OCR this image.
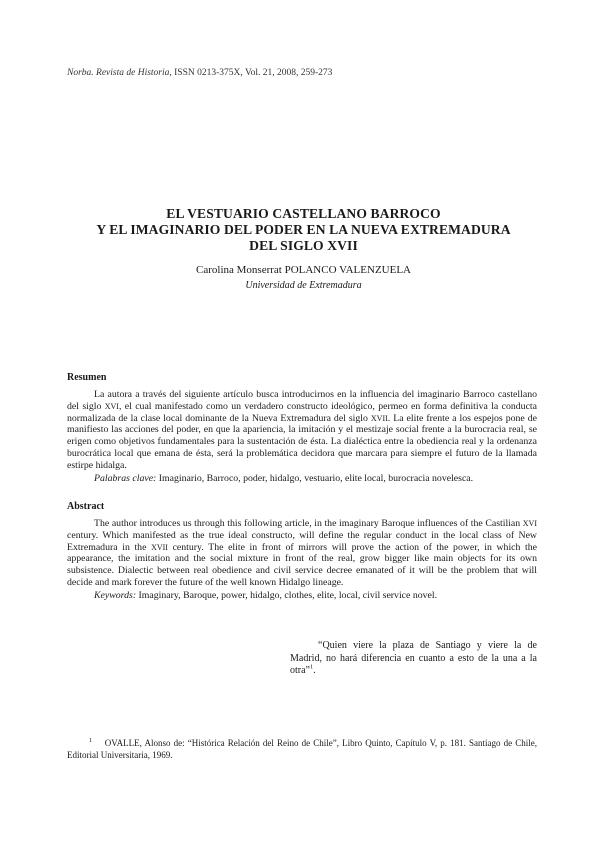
Norba. Revista de Historia, ISSN 0213-375X, Vol. 21, 2008, 259-273
EL VESTUARIO CASTELLANO BARROCO
Y EL IMAGINARIO DEL PODER EN LA NUEVA EXTREMADURA
DEL SIGLO XVII
Carolina Monserrat POLANCO VALENZUELA
Universidad de Extremadura
Resumen

La autora a través del siguiente artículo busca introducirnos en la influencia del imaginario Barroco castellano del siglo XVI, el cual manifestado como un verdadero constructo ideológico, permeo en forma definitiva la conducta normalizada de la clase local dominante de la Nueva Extremadura del siglo XVII. La elite frente a los espejos pone de manifiesto las acciones del poder, en que la apariencia, la imitación y el mestizaje social frente a la burocracia real, se erigen como objetivos fundamentales para la sustentación de ésta. La dialéctica entre la obediencia real y la ordenanza burocrática local que emana de ésta, será la problemática decidora que marcara para siempre el futuro de la llamada estirpe hidalga.

Palabras clave: Imaginario, Barroco, poder, hidalgo, vestuario, elite local, burocracia novelesca.

Abstract

The author introduces us through this following article, in the imaginary Baroque influences of the Castilian XVI century. Which manifested as the true ideal constructo, will define the regular conduct in the local class of New Extremadura in the XVII century. The elite in front of mirrors will prove the action of the power, in which the appearance, the imitation and the social mixture in front of the real, grow bigger like main objects for its own subsistence. Dialectic between real obedience and civil service decree emanated of it will be the problem that will decide and mark forever the future of the well known Hidalgo lineage.

Keywords: Imaginary, Baroque, power, hidalgo, clothes, elite, local, civil service novel.

“Quien viere la plaza de Santiago y viere la de Madrid, no hará diferencia en cuanto a esto de la una a la otra”$^1$.

$^1$ OVALLE, Alonso de: “Histórica Relación del Reino de Chile”, Libro Quinto, Capítulo V, p. 181. Santiago de Chile, Editorial Universitaria, 1969.
